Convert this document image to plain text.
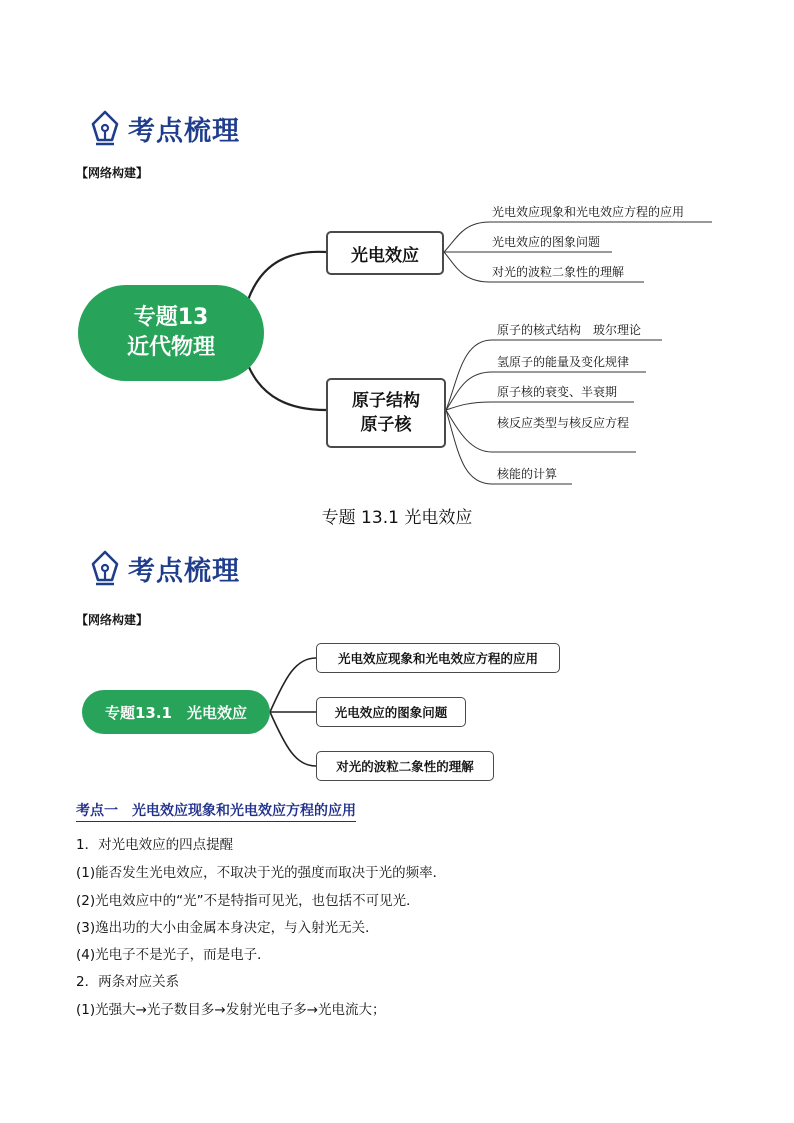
考点梳理
【网络构建】
专题13
近代物理
光电效应
原子结构
原子核
光电效应现象和光电效应方程的应用
光电效应的图象问题
对光的波粒二象性的理解
原子的核式结构　玻尔理论
氢原子的能量及变化规律
原子核的衰变、半衰期
核反应类型与核反应方程
核能的计算
专题 13.1 光电效应
考点梳理
【网络构建】
专题13.1　光电效应
光电效应现象和光电效应方程的应用
光电效应的图象问题
对光的波粒二象性的理解
考点一 光电效应现象和光电效应方程的应用
1．对光电效应的四点提醒
(1)能否发生光电效应，不取决于光的强度而取决于光的频率．
(2)光电效应中的“光”不是特指可见光，也包括不可见光．
(3)逸出功的大小由金属本身决定，与入射光无关．
(4)光电子不是光子，而是电子．
2．两条对应关系
(1)光强大→光子数目多→发射光电子多→光电流大；
